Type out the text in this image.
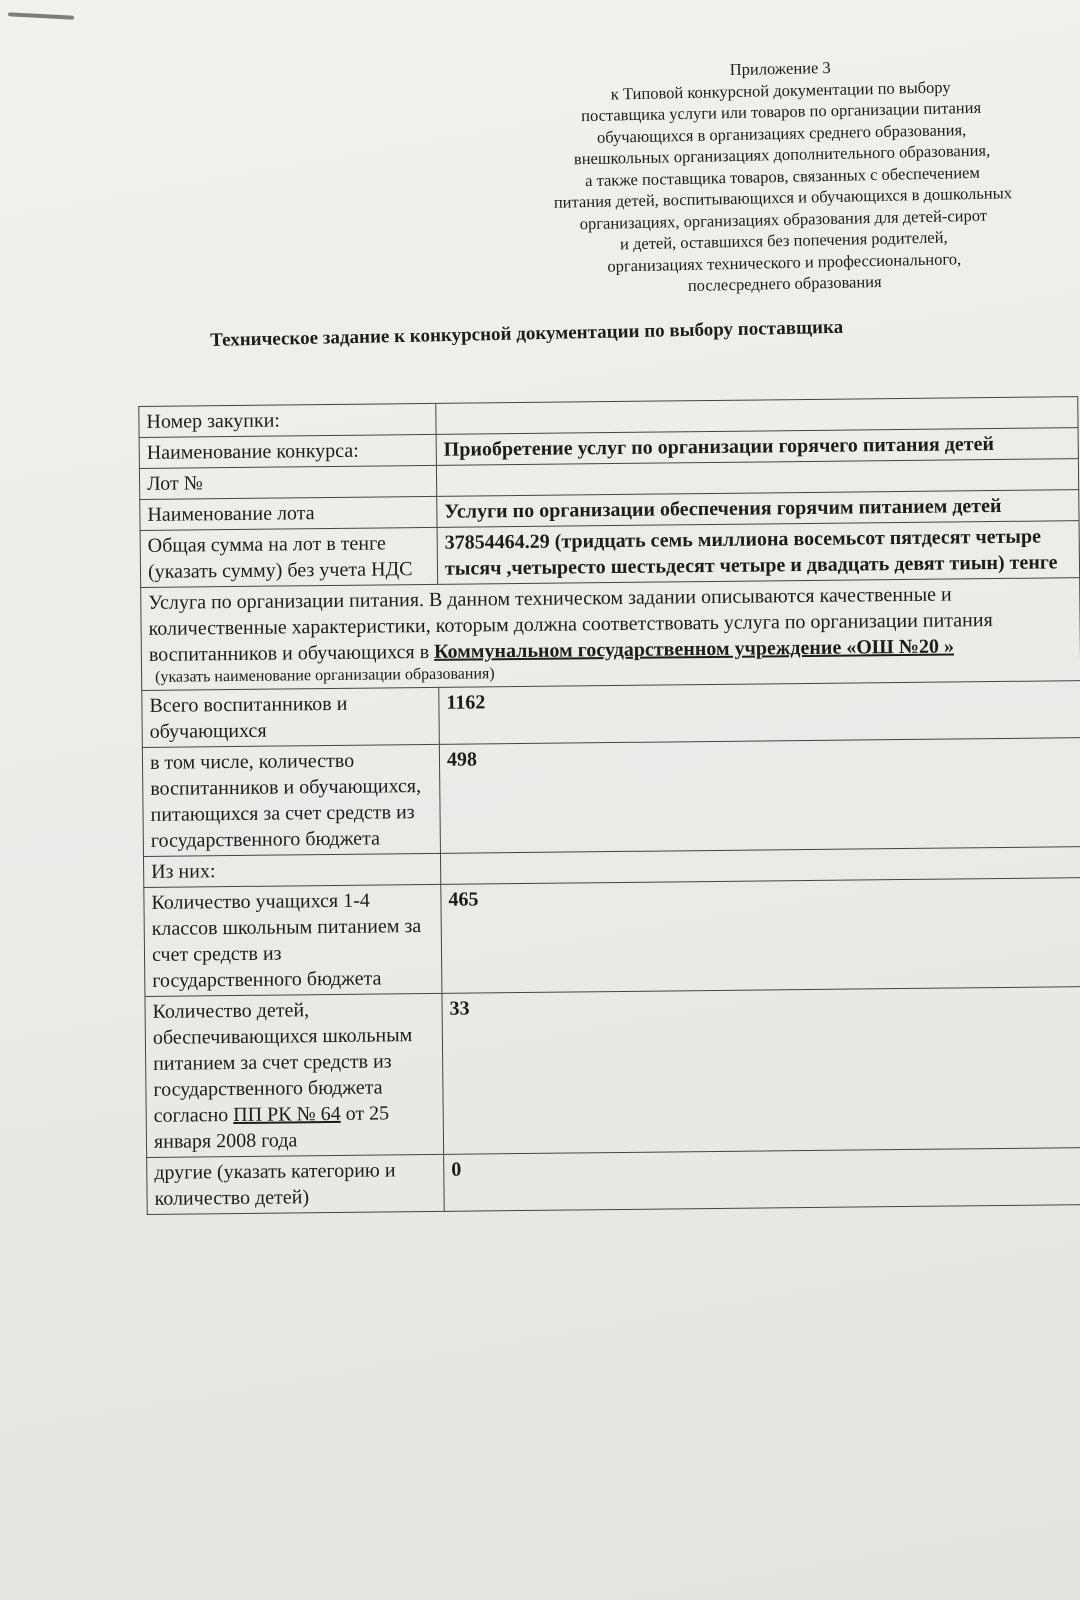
Приложение 3
к Типовой конкурсной документации по выбору
поставщика услуги или товаров по организации питания
обучающихся в организациях среднего образования,
внешкольных организациях дополнительного образования,
а также поставщика товаров, связанных с обеспечением
питания детей, воспитывающихся и обучающихся в дошкольных
организациях, организациях образования для детей-сирот
и детей, оставшихся без попечения родителей,
организациях технического и профессионального,
послесреднего образования
Техническое задание к конкурсной документации по выбору поставщика

Номер закупки:	
Наименование конкурса:	Приобретение услуг по организации горячего питания детей
Лот №	
Наименование лота	Услуги по организации обеспечения горячим питанием детей
Общая сумма на лот в тенге (указать сумму) без учета НДС	37854464.29 (тридцать семь миллиона восемьсот пятдесят четыре тысяч ,четыресто шестьдесят четыре и двадцать девят тиын) тенге
Услуга по организации питания. В данном техническом задании описываются качественные и количественные характеристики, которым должна соответствовать услуга по организации питания воспитанников и обучающихся в Коммунальном государственном учреждение «ОШ №20 »
(указать наименование организации образования)	

Всего воспитанников и обучающихся	1162
в том числе, количество воспитанников и обучающихся, питающихся за счет средств из государственного бюджета	498
Из них:	
Количество учащихся 1-4 классов школьным питанием за счет средств из государственного бюджета	465
Количество детей, обеспечивающихся школьным питанием за счет средств из государственного бюджета согласно ПП РК № 64 от 25 января 2008 года	33
другие (указать категорию и количество детей)	0
